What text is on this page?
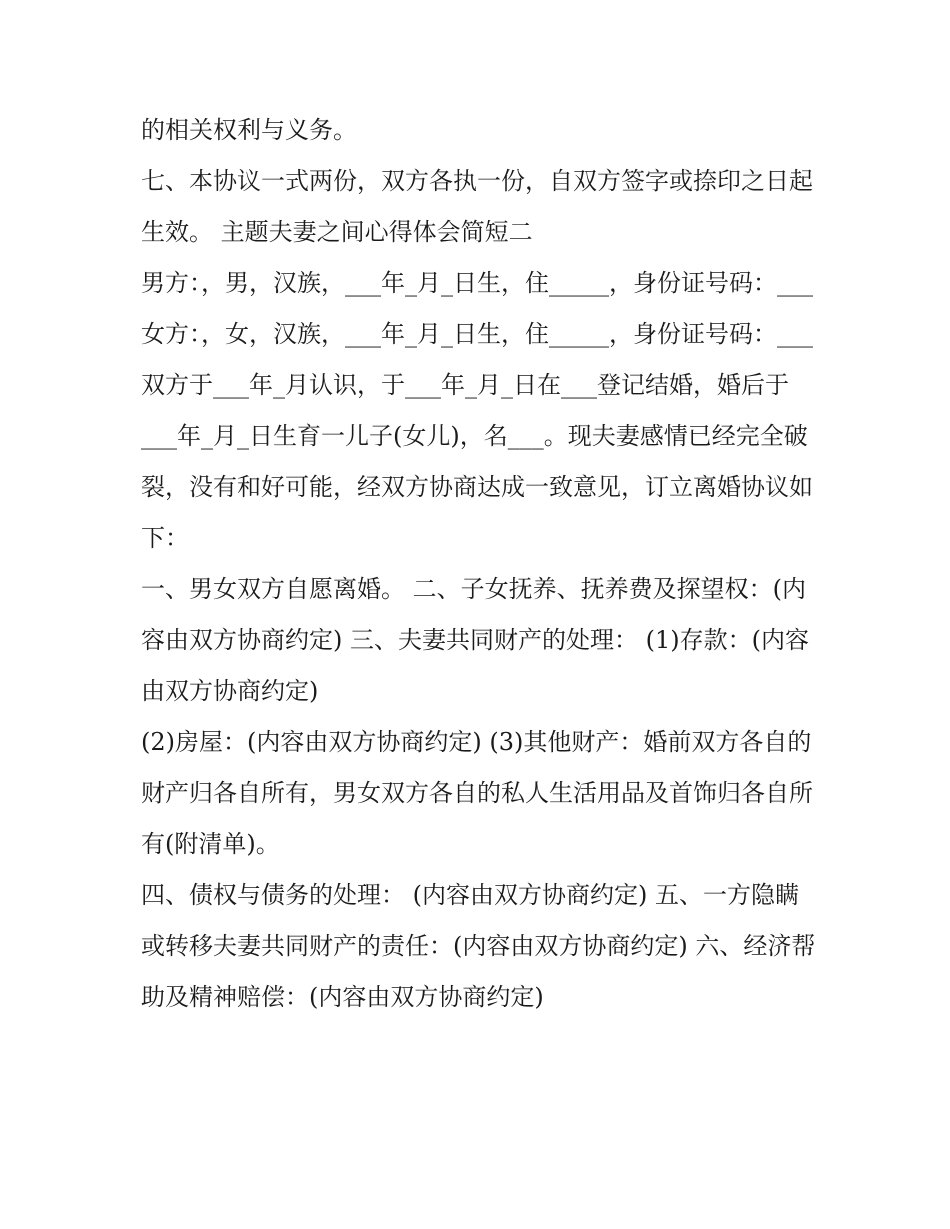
的相关权利与义务。

七、本协议一式两份，双方各执一份，自双方签字或捺印之日起生效。 主题夫妻之间心得体会简短二

男方：，男，汉族，___年_月_日生，住_____，身份证号码：___

女方：，女，汉族，___年_月_日生，住_____，身份证号码：___

双方于___年_月认识，于___年_月_日在___登记结婚，婚后于___年_月_日生育一儿子(女儿)，名___。现夫妻感情已经完全破裂，没有和好可能，经双方协商达成一致意见，订立离婚协议如下：

一、男女双方自愿离婚。 二、子女抚养、抚养费及探望权：(内容由双方协商约定) 三、夫妻共同财产的处理： (1)存款：(内容由双方协商约定)

(2)房屋：(内容由双方协商约定) (3)其他财产：婚前双方各自的财产归各自所有，男女双方各自的私人生活用品及首饰归各自所有(附清单)。

四、债权与债务的处理： (内容由双方协商约定) 五、一方隐瞒或转移夫妻共同财产的责任：(内容由双方协商约定) 六、经济帮助及精神赔偿：(内容由双方协商约定)
